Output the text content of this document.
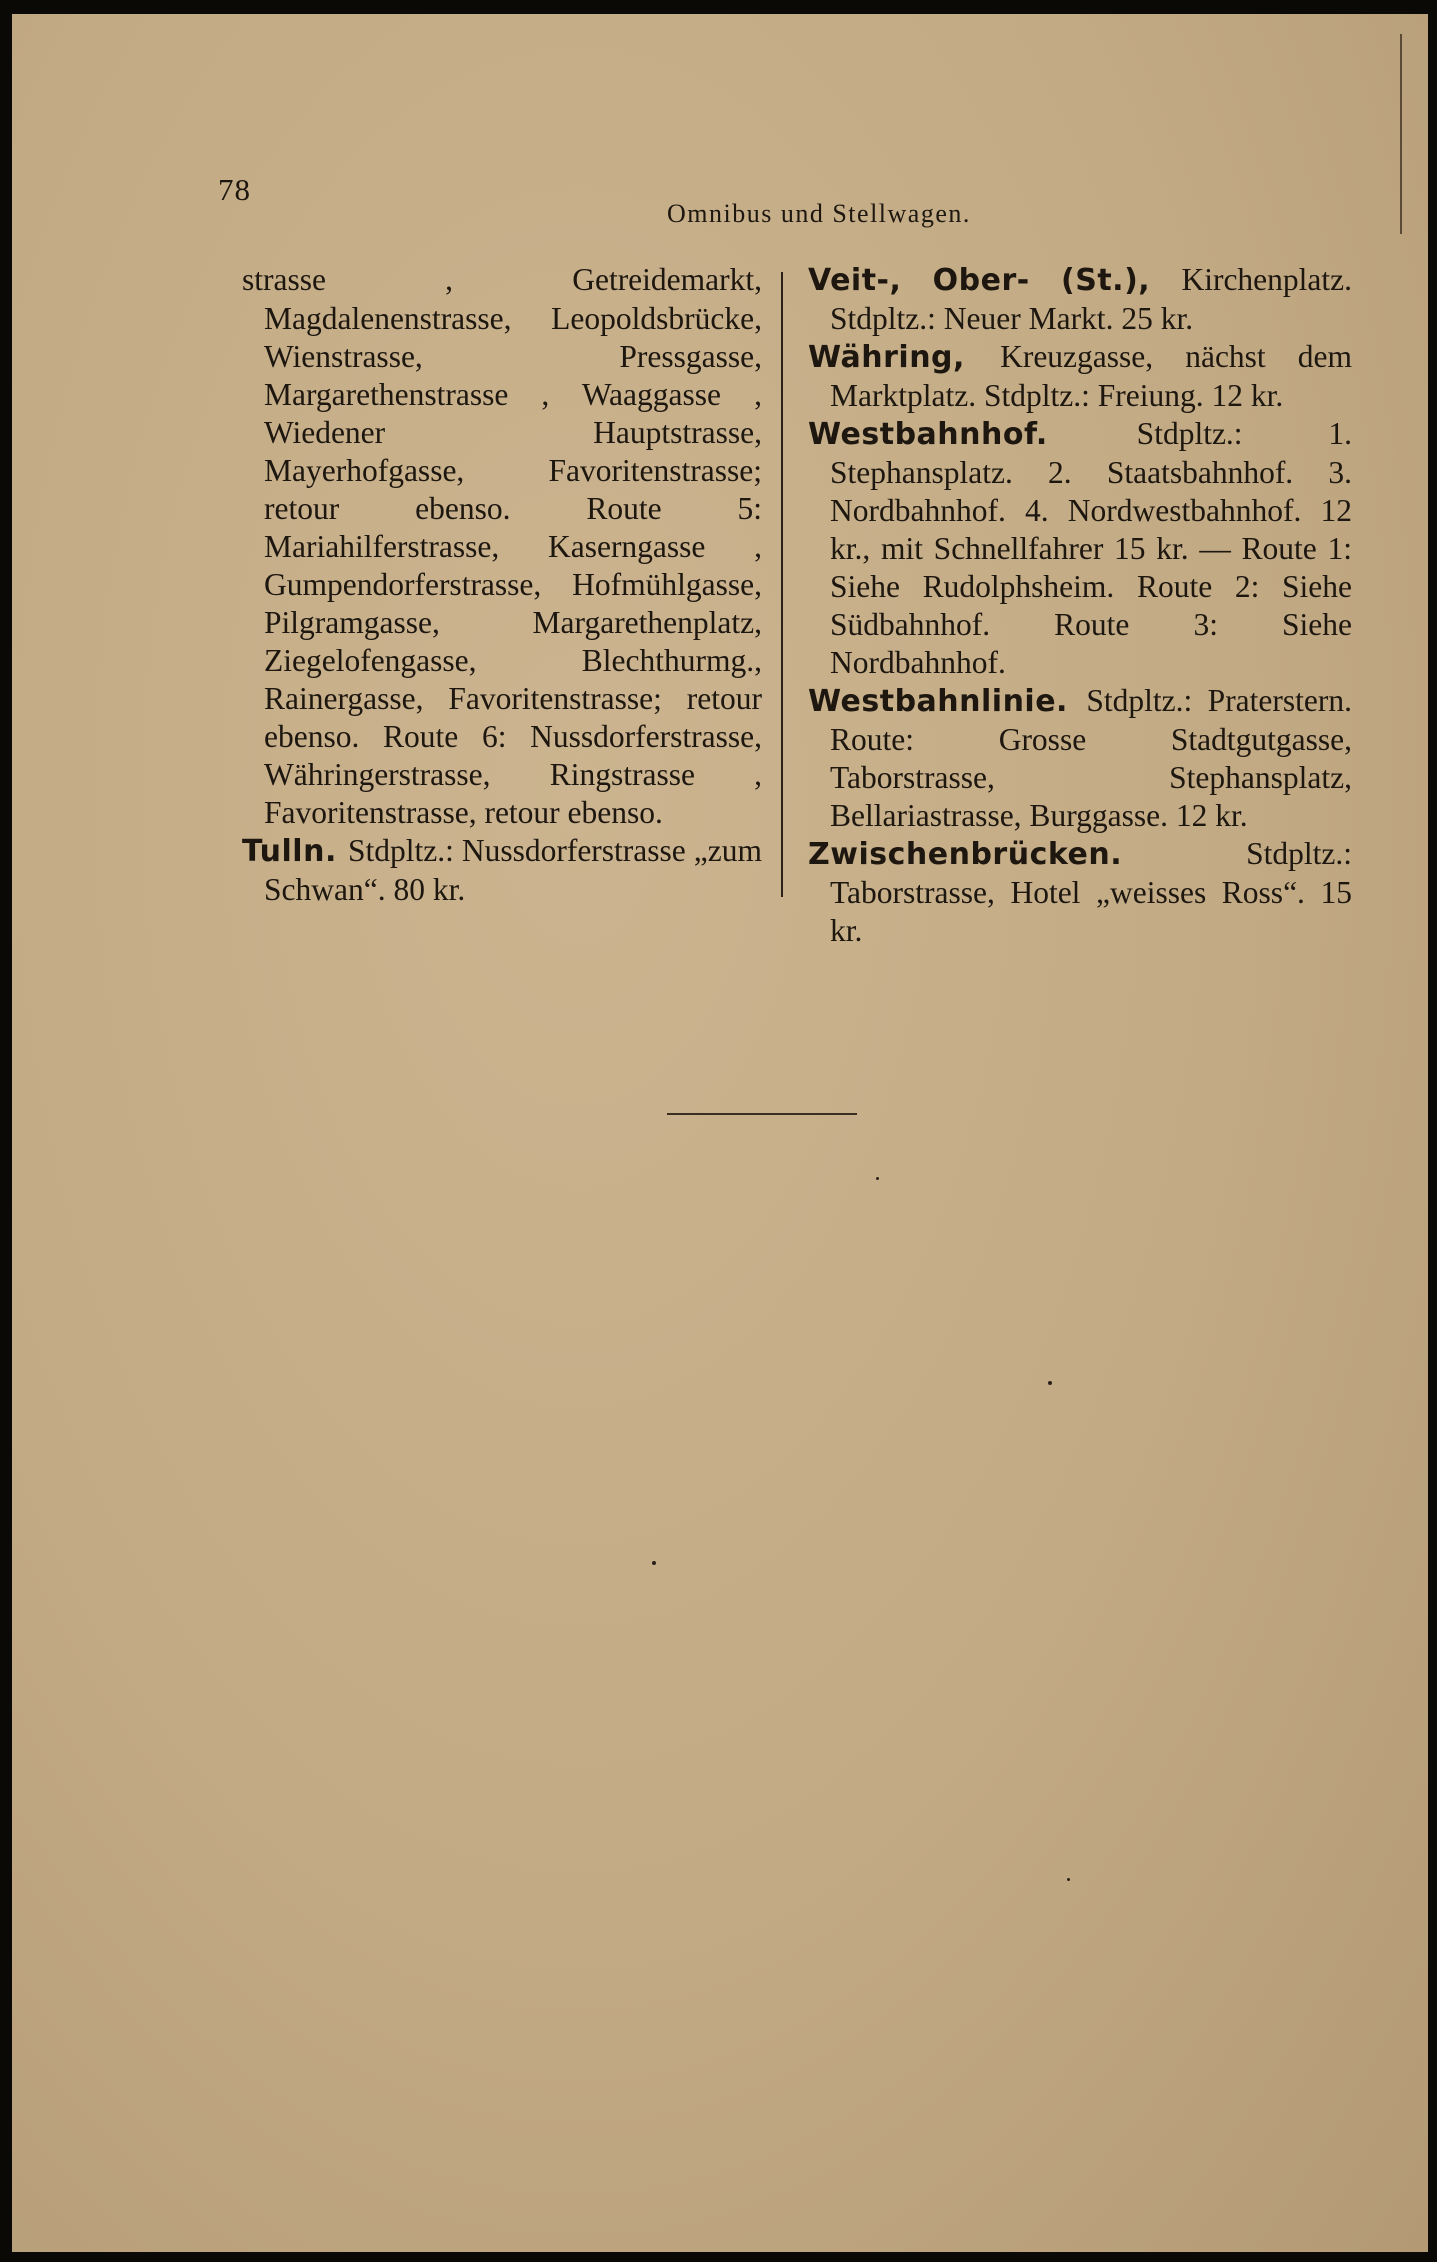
78
Omnibus und Stellwagen.
strasse , Getreidemarkt, Magdalenenstrasse, Leopoldsbrücke, Wienstrasse, Pressgasse, Margarethenstrasse , Waaggasse , Wiedener Hauptstrasse, Mayerhofgasse, Favoritenstrasse; retour ebenso. Route 5: Mariahilferstrasse, Kaserngasse , Gumpendorferstrasse, Hofmühlgasse, Pilgramgasse, Margarethenplatz, Ziegelofengasse, Blechthurmg., Rainergasse, Favoritenstrasse; retour ebenso. Route 6: Nussdorferstrasse, Währingerstrasse, Ringstrasse , Favoritenstrasse, retour ebenso.
Tulln. Stdpltz.: Nussdorferstrasse „zum Schwan“. 80 kr.
Veit-, Ober- (St.), Kirchenplatz. Stdpltz.: Neuer Markt. 25 kr.
Währing, Kreuzgasse, nächst dem Marktplatz. Stdpltz.: Freiung. 12 kr.
Westbahnhof. Stdpltz.: 1. Stephansplatz. 2. Staatsbahnhof. 3. Nordbahnhof. 4. Nordwestbahnhof. 12 kr., mit Schnellfahrer 15 kr. — Route 1: Siehe Rudolphsheim. Route 2: Siehe Südbahnhof. Route 3: Siehe Nordbahnhof.
Westbahnlinie. Stdpltz.: Praterstern. Route: Grosse Stadtgutgasse, Taborstrasse, Stephansplatz, Bellariastrasse, Burggasse. 12 kr.
Zwischenbrücken. Stdpltz.: Taborstrasse, Hotel „weisses Ross“. 15 kr.
